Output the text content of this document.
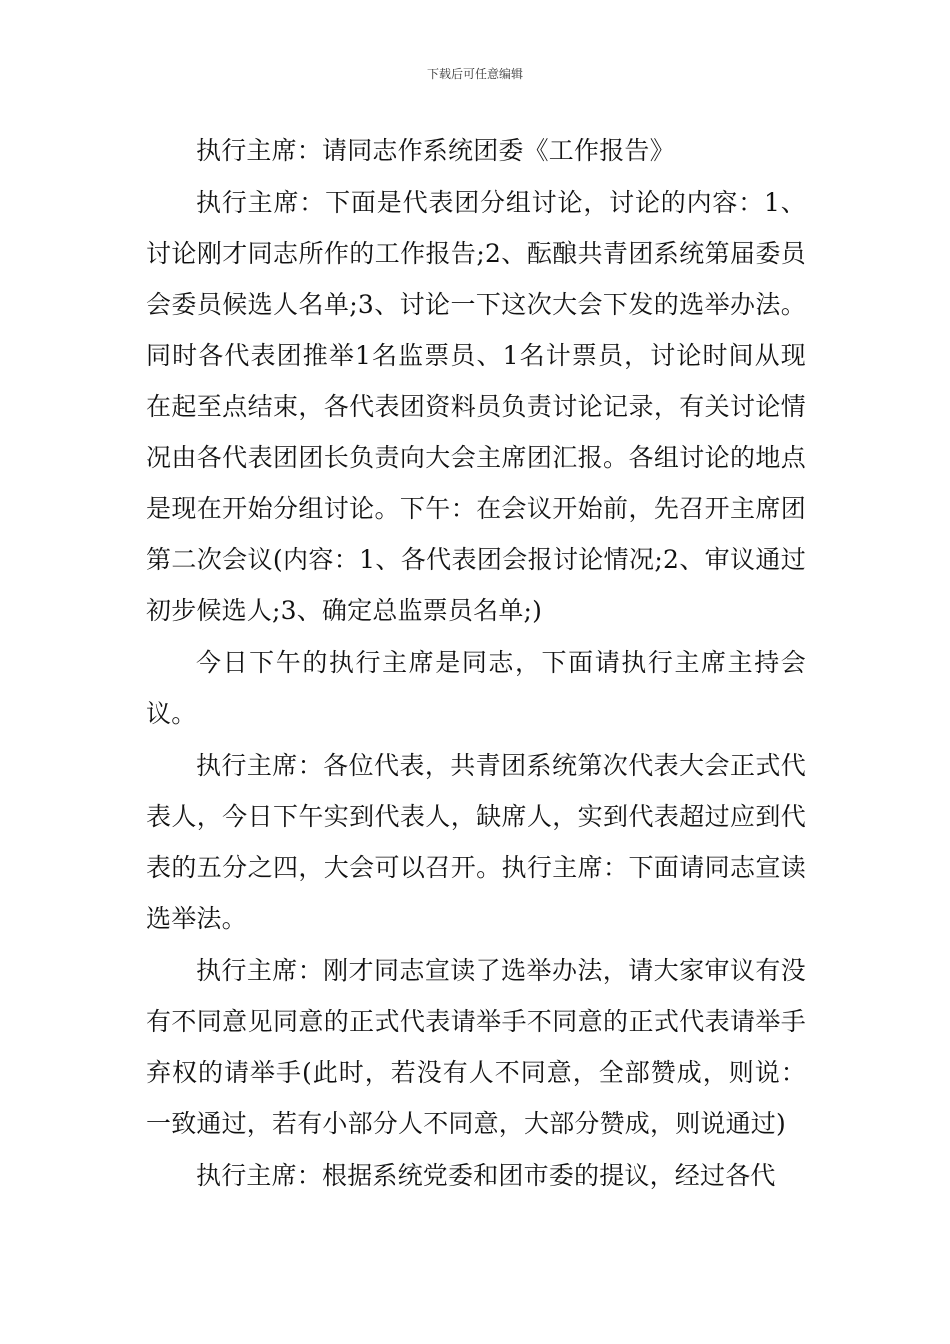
下载后可任意编辑

执行主席：请同志作系统团委《工作报告》

执行主席：下面是代表团分组讨论，讨论的内容：1、讨论刚才同志所作的工作报告;2、酝酿共青团系统第届委员会委员候选人名单;3、讨论一下这次大会下发的选举办法。同时各代表团推举1名监票员、1名计票员，讨论时间从现在起至点结束，各代表团资料员负责讨论记录，有关讨论情况由各代表团团长负责向大会主席团汇报。各组讨论的地点是现在开始分组讨论。下午：在会议开始前，先召开主席团第二次会议(内容：1、各代表团会报讨论情况;2、审议通过初步候选人;3、确定总监票员名单;)

今日下午的执行主席是同志，下面请执行主席主持会议。

执行主席：各位代表，共青团系统第次代表大会正式代表人，今日下午实到代表人，缺席人，实到代表超过应到代表的五分之四，大会可以召开。执行主席：下面请同志宣读选举法。

执行主席：刚才同志宣读了选举办法，请大家审议有没有不同意见同意的正式代表请举手不同意的正式代表请举手弃权的请举手(此时，若没有人不同意，全部赞成，则说：一致通过，若有小部分人不同意，大部分赞成，则说通过)

执行主席：根据系统党委和团市委的提议，经过各代
